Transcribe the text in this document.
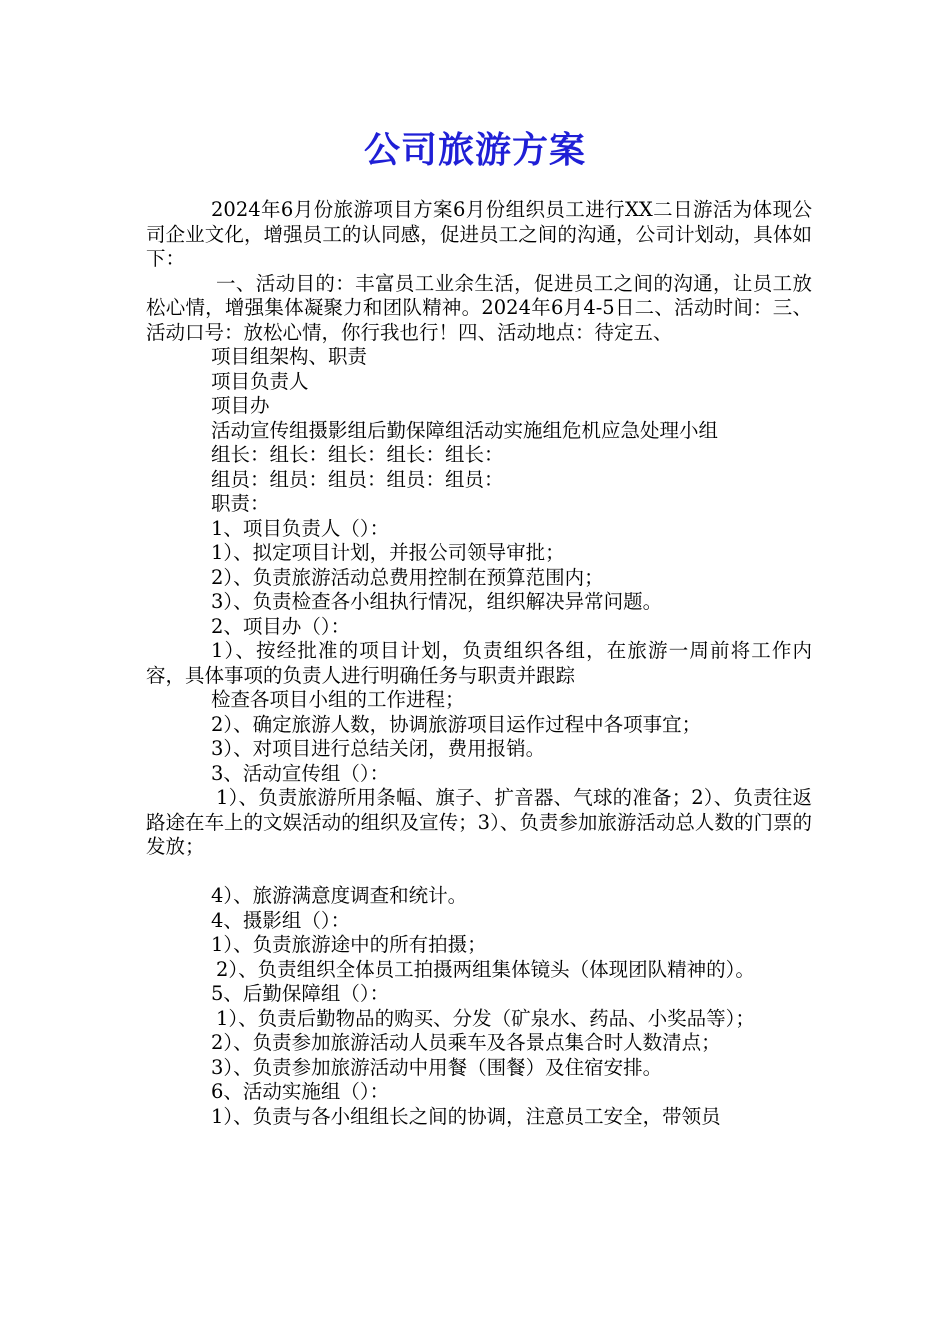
公司旅游方案

2024年6月份旅游项目方案6月份组织员工进行XX二日游活为体现公司企业文化，增强员工的认同感，促进员工之间的沟通，公司计划动，具体如下：

一、活动目的：丰富员工业余生活，促进员工之间的沟通，让员工放松心情，增强集体凝聚力和团队精神。2024年6月4-5日二、活动时间：三、活动口号：放松心情，你行我也行！四、活动地点：待定五、

项目组架构、职责

项目负责人

项目办

活动宣传组摄影组后勤保障组活动实施组危机应急处理小组

组长：组长：组长：组长：组长：

组员：组员：组员：组员：组员：

职责：

1、项目负责人（）：

1）、拟定项目计划，并报公司领导审批；

2）、负责旅游活动总费用控制在预算范围内；

3）、负责检查各小组执行情况，组织解决异常问题。

2、项目办（）：

1）、按经批准的项目计划，负责组织各组，在旅游一周前将工作内容，具体事项的负责人进行明确任务与职责并跟踪

检查各项目小组的工作进程；

2）、确定旅游人数，协调旅游项目运作过程中各项事宜；

3）、对项目进行总结关闭，费用报销。

3、活动宣传组（）：

1）、负责旅游所用条幅、旗子、扩音器、气球的准备；2）、负责往返路途在车上的文娱活动的组织及宣传；3）、负责参加旅游活动总人数的门票的发放；

4）、旅游满意度调查和统计。

4、摄影组（）：

1）、负责旅游途中的所有拍摄；

2）、负责组织全体员工拍摄两组集体镜头（体现团队精神的）。

5、后勤保障组（）：

1）、负责后勤物品的购买、分发（矿泉水、药品、小奖品等）；

2）、负责参加旅游活动人员乘车及各景点集合时人数清点；

3）、负责参加旅游活动中用餐（围餐）及住宿安排。

6、活动实施组（）：

1）、负责与各小组组长之间的协调，注意员工安全，带领员
